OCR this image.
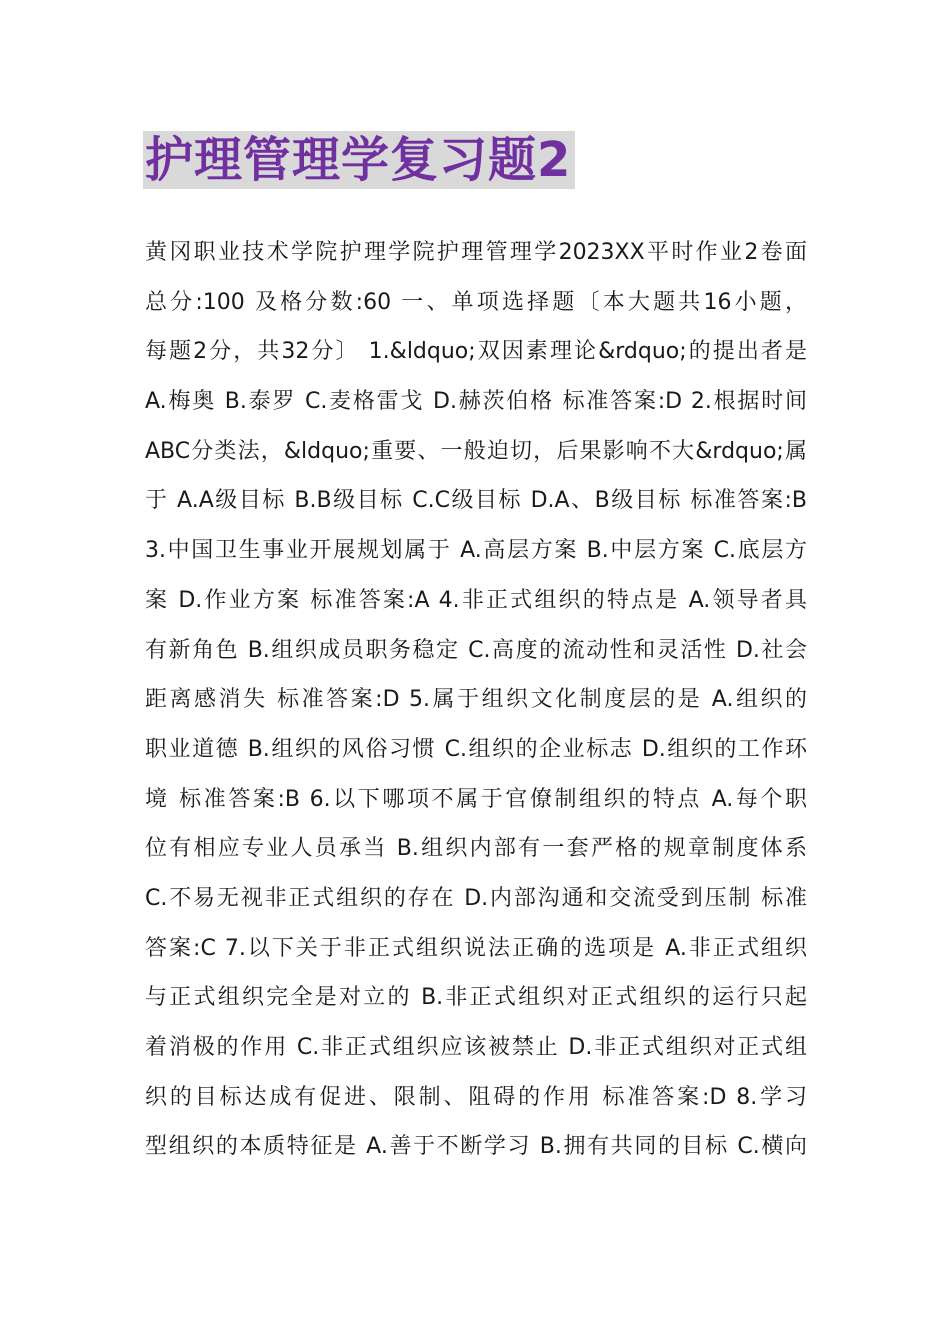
护理管理学复习题2
黄冈职业技术学院护理学院护理管理学2023XX平时作业2卷面
总分:100 及格分数:60 一、单项选择题〔本大题共16小题，
每题2分，共32分〕 1.&ldquo;双因素理论&rdquo;的提出者是
A.梅奥 B.泰罗 C.麦格雷戈 D.赫茨伯格 标准答案:D 2.根据时间
ABC分类法，&ldquo;重要、一般迫切，后果影响不大&rdquo;属
于 A.A级目标 B.B级目标 C.C级目标 D.A、B级目标 标准答案:B
3.中国卫生事业开展规划属于 A.高层方案 B.中层方案 C.底层方
案 D.作业方案 标准答案:A 4.非正式组织的特点是 A.领导者具
有新角色 B.组织成员职务稳定 C.高度的流动性和灵活性 D.社会
距离感消失 标准答案:D 5.属于组织文化制度层的是 A.组织的
职业道德 B.组织的风俗习惯 C.组织的企业标志 D.组织的工作环
境 标准答案:B 6.以下哪项不属于官僚制组织的特点 A.每个职
位有相应专业人员承当 B.组织内部有一套严格的规章制度体系
C.不易无视非正式组织的存在 D.内部沟通和交流受到压制 标准
答案:C 7.以下关于非正式组织说法正确的选项是 A.非正式组织
与正式组织完全是对立的 B.非正式组织对正式组织的运行只起
着消极的作用 C.非正式组织应该被禁止 D.非正式组织对正式组
织的目标达成有促进、限制、阻碍的作用 标准答案:D 8.学习
型组织的本质特征是 A.善于不断学习 B.拥有共同的目标 C.横向
